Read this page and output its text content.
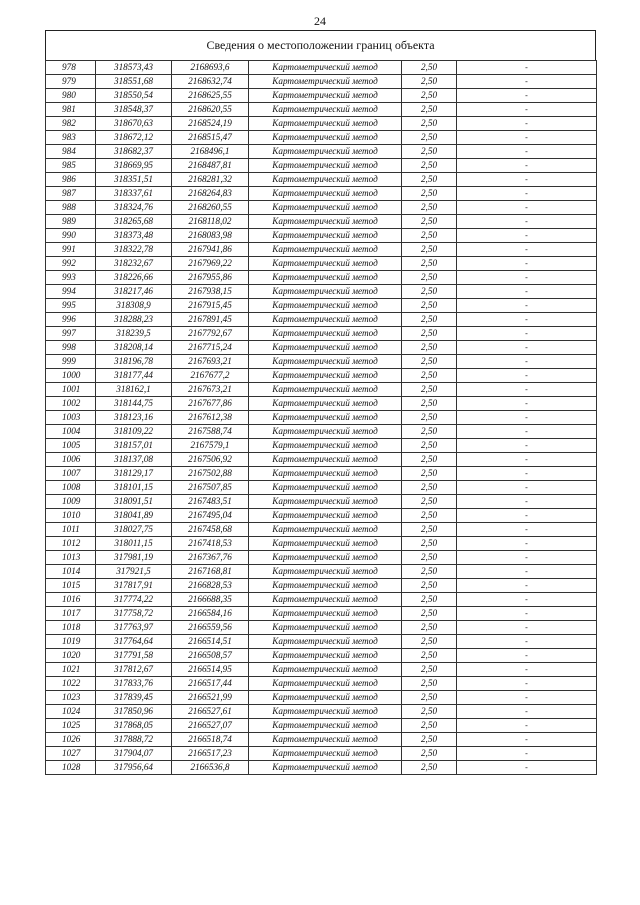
24
Сведения о местоположении границ объекта
978	318573,43	2168693,6	Картометрический метод	2,50	-
979	318551,68	2168632,74	Картометрический метод	2,50	-
980	318550,54	2168625,55	Картометрический метод	2,50	-
981	318548,37	2168620,55	Картометрический метод	2,50	-
982	318670,63	2168524,19	Картометрический метод	2,50	-
983	318672,12	2168515,47	Картометрический метод	2,50	-
984	318682,37	2168496,1	Картометрический метод	2,50	-
985	318669,95	2168487,81	Картометрический метод	2,50	-
986	318351,51	2168281,32	Картометрический метод	2,50	-
987	318337,61	2168264,83	Картометрический метод	2,50	-
988	318324,76	2168260,55	Картометрический метод	2,50	-
989	318265,68	2168118,02	Картометрический метод	2,50	-
990	318373,48	2168083,98	Картометрический метод	2,50	-
991	318322,78	2167941,86	Картометрический метод	2,50	-
992	318232,67	2167969,22	Картометрический метод	2,50	-
993	318226,66	2167955,86	Картометрический метод	2,50	-
994	318217,46	2167938,15	Картометрический метод	2,50	-
995	318308,9	2167915,45	Картометрический метод	2,50	-
996	318288,23	2167891,45	Картометрический метод	2,50	-
997	318239,5	2167792,67	Картометрический метод	2,50	-
998	318208,14	2167715,24	Картометрический метод	2,50	-
999	318196,78	2167693,21	Картометрический метод	2,50	-
1000	318177,44	2167677,2	Картометрический метод	2,50	-
1001	318162,1	2167673,21	Картометрический метод	2,50	-
1002	318144,75	2167677,86	Картометрический метод	2,50	-
1003	318123,16	2167612,38	Картометрический метод	2,50	-
1004	318109,22	2167588,74	Картометрический метод	2,50	-
1005	318157,01	2167579,1	Картометрический метод	2,50	-
1006	318137,08	2167506,92	Картометрический метод	2,50	-
1007	318129,17	2167502,88	Картометрический метод	2,50	-
1008	318101,15	2167507,85	Картометрический метод	2,50	-
1009	318091,51	2167483,51	Картометрический метод	2,50	-
1010	318041,89	2167495,04	Картометрический метод	2,50	-
1011	318027,75	2167458,68	Картометрический метод	2,50	-
1012	318011,15	2167418,53	Картометрический метод	2,50	-
1013	317981,19	2167367,76	Картометрический метод	2,50	-
1014	317921,5	2167168,81	Картометрический метод	2,50	-
1015	317817,91	2166828,53	Картометрический метод	2,50	-
1016	317774,22	2166688,35	Картометрический метод	2,50	-
1017	317758,72	2166584,16	Картометрический метод	2,50	-
1018	317763,97	2166559,56	Картометрический метод	2,50	-
1019	317764,64	2166514,51	Картометрический метод	2,50	-
1020	317791,58	2166508,57	Картометрический метод	2,50	-
1021	317812,67	2166514,95	Картометрический метод	2,50	-
1022	317833,76	2166517,44	Картометрический метод	2,50	-
1023	317839,45	2166521,99	Картометрический метод	2,50	-
1024	317850,96	2166527,61	Картометрический метод	2,50	-
1025	317868,05	2166527,07	Картометрический метод	2,50	-
1026	317888,72	2166518,74	Картометрический метод	2,50	-
1027	317904,07	2166517,23	Картометрический метод	2,50	-
1028	317956,64	2166536,8	Картометрический метод	2,50	-
